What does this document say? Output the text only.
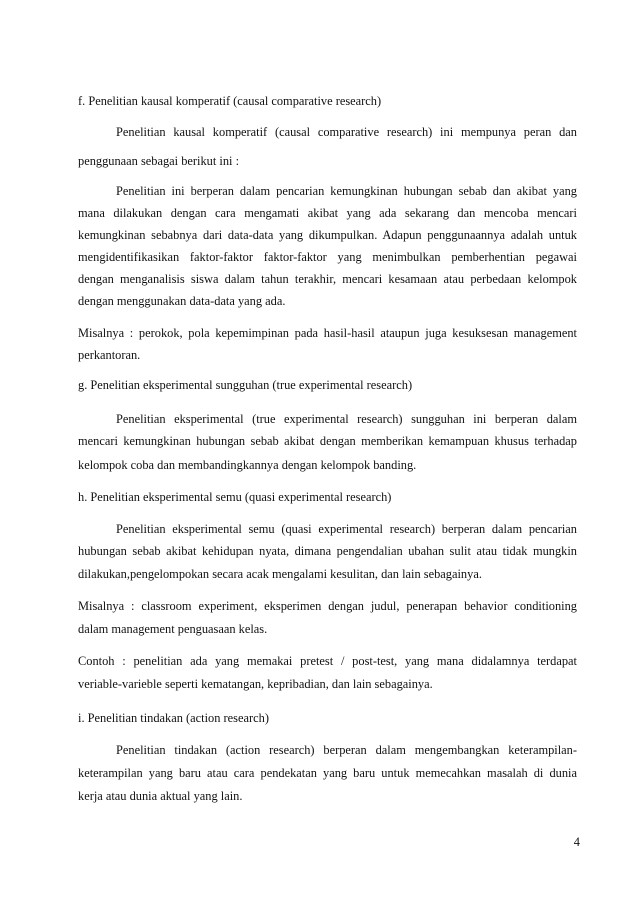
f. Penelitian kausal komperatif (causal comparative research)
Penelitian kausal komperatif (causal comparative research) ini mempunya peran dan
penggunaan sebagai berikut ini :
Penelitian ini berperan dalam pencarian kemungkinan hubungan sebab dan akibat yang
mana dilakukan dengan cara mengamati akibat yang ada sekarang dan mencoba mencari
kemungkinan sebabnya dari data-data yang dikumpulkan. Adapun penggunaannya adalah untuk
mengidentifikasikan faktor-faktor faktor-faktor yang menimbulkan pemberhentian pegawai
dengan menganalisis siswa dalam tahun terakhir, mencari kesamaan atau perbedaan kelompok
dengan menggunakan data-data yang ada.
Misalnya : perokok, pola kepemimpinan pada hasil-hasil ataupun juga kesuksesan management
perkantoran.
g. Penelitian eksperimental sungguhan (true experimental research)
Penelitian eksperimental (true experimental research) sungguhan ini berperan dalam
mencari kemungkinan hubungan sebab akibat dengan memberikan kemampuan khusus terhadap
kelompok coba dan membandingkannya dengan kelompok banding.
h. Penelitian eksperimental semu (quasi experimental research)
Penelitian eksperimental semu (quasi experimental research) berperan dalam pencarian
hubungan sebab akibat kehidupan nyata, dimana pengendalian ubahan sulit atau tidak mungkin
dilakukan,pengelompokan secara acak mengalami kesulitan, dan lain sebagainya.
Misalnya : classroom experiment, eksperimen dengan judul, penerapan behavior conditioning
dalam management penguasaan kelas.
Contoh : penelitian ada yang memakai pretest / post-test, yang mana didalamnya terdapat
veriable-varieble seperti kematangan, kepribadian, dan lain sebagainya.
i. Penelitian tindakan (action research)
Penelitian tindakan (action research) berperan dalam mengembangkan keterampilan-
keterampilan yang baru atau cara pendekatan yang baru untuk memecahkan masalah di dunia
kerja atau dunia aktual yang lain.
4
